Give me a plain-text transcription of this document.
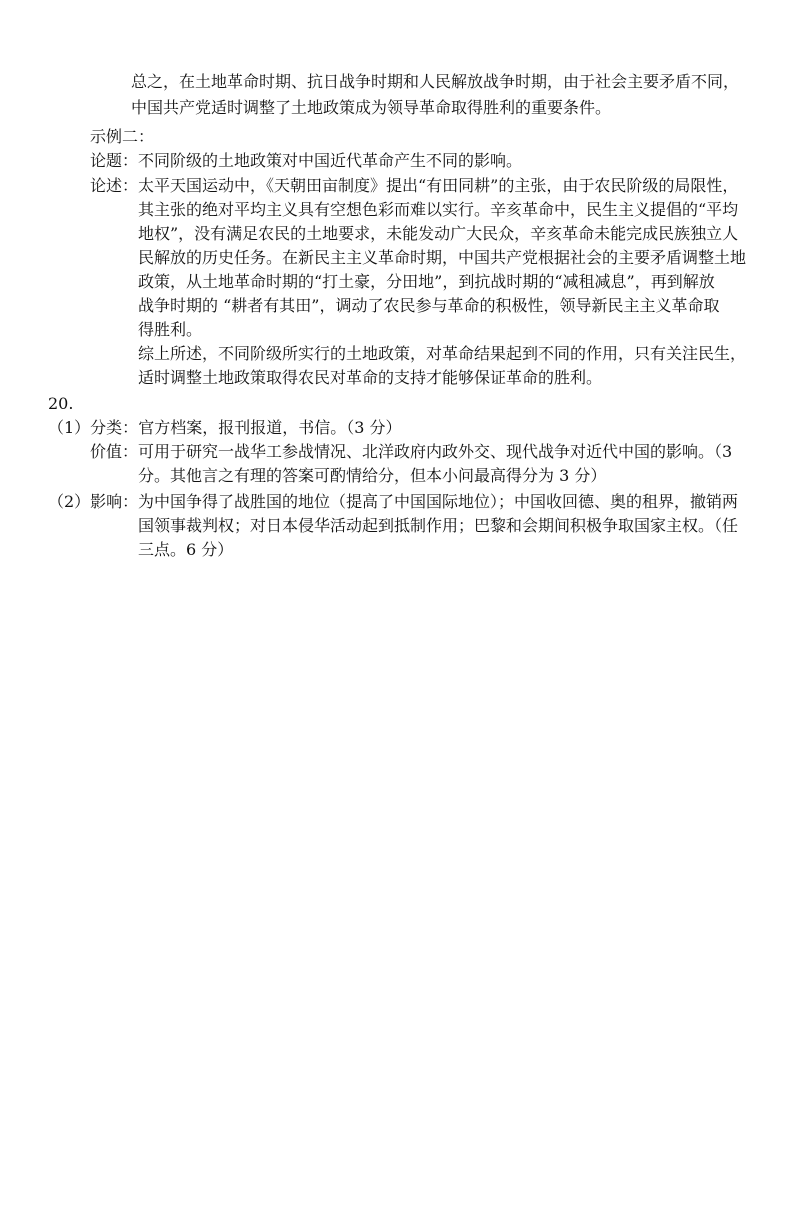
总之，在土地革命时期、抗日战争时期和人民解放战争时期，由于社会主要矛盾不同，
中国共产党适时调整了土地政策成为领导革命取得胜利的重要条件。
示例二：
论题：不同阶级的土地政策对中国近代革命产生不同的影响。
论述： 太平天国运动中，《天朝田亩制度》提出“有田同耕”的主张，由于农民阶级的局限性，
其主张的绝对平均主义具有空想色彩而难以实行。辛亥革命中，民生主义提倡的“平均
地权”，没有满足农民的土地要求，未能发动广大民众，辛亥革命未能完成民族独立人
民解放的历史任务。在新民主主义革命时期，中国共产党根据社会的主要矛盾调整土地
政策，从土地革命时期的“打土豪，分田地”，到抗战时期的“减租减息”，再到解放
战争时期的 “耕者有其田”，调动了农民参与革命的积极性，领导新民主主义革命取
得胜利。
综上所述，不同阶级所实行的土地政策，对革命结果起到不同的作用，只有关注民生，
适时调整土地政策取得农民对革命的支持才能够保证革命的胜利。
20.
（1）分类：官方档案，报刊报道，书信。（3 分）
价值： 可用于研究一战华工参战情况、北洋政府内政外交、现代战争对近代中国的影响。（3
分。其他言之有理的答案可酌情给分，但本小问最高得分为 3 分）
（2）影响： 为中国争得了战胜国的地位（提高了中国国际地位）；中国收回德、奥的租界，撤销两
国领事裁判权；对日本侵华活动起到抵制作用；巴黎和会期间积极争取国家主权。（任
三点。6 分）
